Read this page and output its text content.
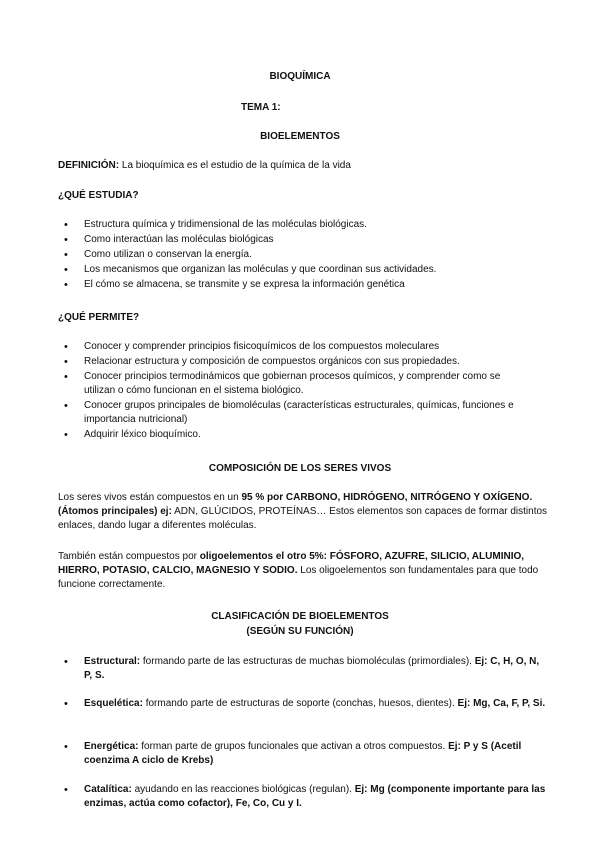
BIOQUÍMICA
TEMA 1:
BIOELEMENTOS
DEFINICIÓN: La bioquímica es el estudio de la química de la vida
¿QUÉ ESTUDIA?
• Estructura química y tridimensional de las moléculas biológicas.
• Como interactúan las moléculas biológicas
• Como utilizan o conservan la energía.
• Los mecanismos que organizan las moléculas y que coordinan sus actividades.
• El cómo se almacena, se transmite y se expresa la información genética
¿QUÉ PERMITE?
• Conocer y comprender principios fisicoquímicos de los compuestos moleculares
• Relacionar estructura y composición de compuestos orgánicos con sus propiedades.
• Conocer principios termodinámicos que gobiernan procesos químicos, y comprender como se utilizan o cómo funcionan en el sistema biológico.
• Conocer grupos principales de biomoléculas (características estructurales, químicas, funciones e importancia nutricional)
• Adquirir léxico bioquímico.
COMPOSICIÓN DE LOS SERES VIVOS
Los seres vivos están compuestos en un 95 % por CARBONO, HIDRÓGENO, NITRÓGENO Y OXÍGENO. (Átomos principales) ej: ADN, GLÚCIDOS, PROTEÍNAS… Estos elementos son capaces de formar distintos enlaces, dando lugar a diferentes moléculas.
También están compuestos por oligoelementos el otro 5%: FÓSFORO, AZUFRE, SILICIO, ALUMINIO, HIERRO, POTASIO, CALCIO, MAGNESIO Y SODIO. Los oligoelementos son fundamentales para que todo funcione correctamente.
CLASIFICACIÓN DE BIOELEMENTOS
(SEGÚN SU FUNCIÓN)
• Estructural: formando parte de las estructuras de muchas biomoléculas (primordiales). Ej: C, H, O, N, P, S.
• Esquelética: formando parte de estructuras de soporte (conchas, huesos, dientes). Ej: Mg, Ca, F, P, Si.
• Energética: forman parte de grupos funcionales que activan a otros compuestos. Ej: P y S (Acetil coenzima A ciclo de Krebs)
• Catalítica: ayudando en las reacciones biológicas (regulan). Ej: Mg (componente importante para las enzimas, actúa como cofactor), Fe, Co, Cu y I.
